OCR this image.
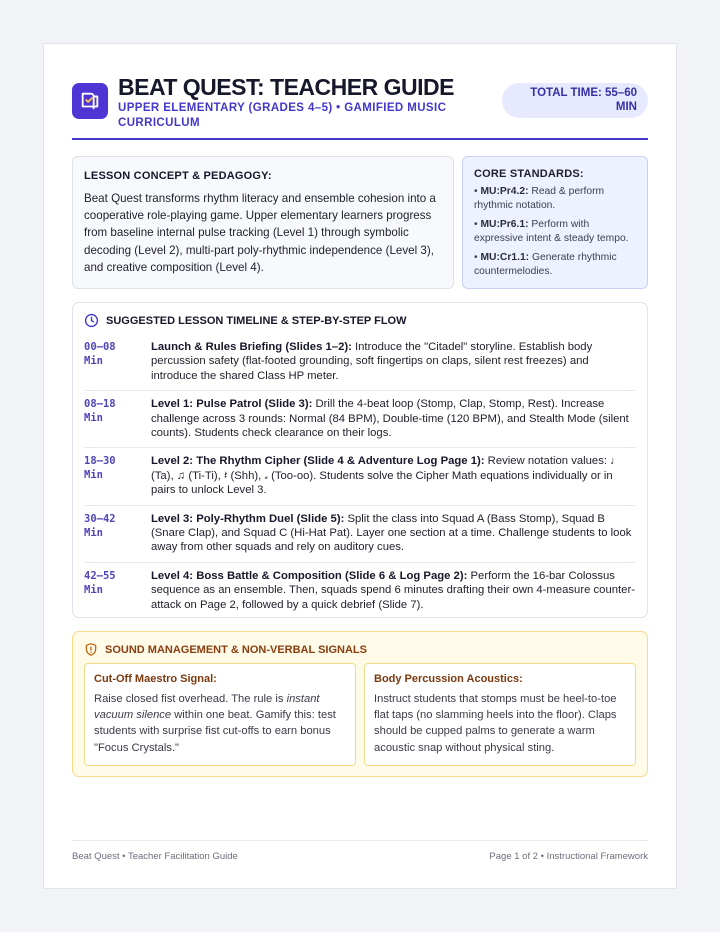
BEAT QUEST: TEACHER GUIDE
UPPER ELEMENTARY (GRADES 4–5) • GAMIFIED MUSIC CURRICULUM
TOTAL TIME: 55–60
MIN
LESSON CONCEPT & PEDAGOGY:

Beat Quest transforms rhythm literacy and ensemble cohesion into a cooperative role-playing game. Upper elementary learners progress from baseline internal pulse tracking (Level 1) through symbolic decoding (Level 2), multi-part poly-rhythmic independence (Level 3), and creative composition (Level 4).

CORE STANDARDS:
• MU:Pr4.2: Read & perform rhythmic notation.
• MU:Pr6.1: Perform with expressive intent & steady tempo.
• MU:Cr1.1: Generate rhythmic countermelodies.
SUGGESTED LESSON TIMELINE & STEP-BY-STEP FLOW
00–08
Min
Launch & Rules Briefing (Slides 1–2): Introduce the "Citadel" storyline. Establish body percussion safety (flat-footed grounding, soft fingertips on claps, silent rest freezes) and introduce the shared Class HP meter.
08–18
Min
Level 1: Pulse Patrol (Slide 3): Drill the 4-beat loop (Stomp, Clap, Stomp, Rest). Increase challenge across 3 rounds: Normal (84 BPM), Double-time (120 BPM), and Stealth Mode (silent counts). Students check clearance on their logs.
18–30
Min
Level 2: The Rhythm Cipher (Slide 4 & Adventure Log Page 1): Review notation values: ♩ (Ta), ♫ (Ti-Ti), 𝄽 (Shh), 𝅗 (Too-oo). Students solve the Cipher Math equations individually or in pairs to unlock Level 3.
30–42
Min
Level 3: Poly-Rhythm Duel (Slide 5): Split the class into Squad A (Bass Stomp), Squad B (Snare Clap), and Squad C (Hi-Hat Pat). Layer one section at a time. Challenge students to look away from other squads and rely on auditory cues.
42–55
Min
Level 4: Boss Battle & Composition (Slide 6 & Log Page 2): Perform the 16-bar Colossus sequence as an ensemble. Then, squads spend 6 minutes drafting their own 4-measure counter-attack on Page 2, followed by a quick debrief (Slide 7).
SOUND MANAGEMENT & NON-VERBAL SIGNALS
Cut-Off Maestro Signal:

Raise closed fist overhead. The rule is instant vacuum silence within one beat. Gamify this: test students with surprise fist cut-offs to earn bonus "Focus Crystals."

Body Percussion Acoustics:

Instruct students that stomps must be heel-to-toe flat taps (no slamming heels into the floor). Claps should be cupped palms to generate a warm acoustic snap without physical sting.

Beat Quest • Teacher Facilitation Guide	Page 1 of 2 • Instructional Framework
